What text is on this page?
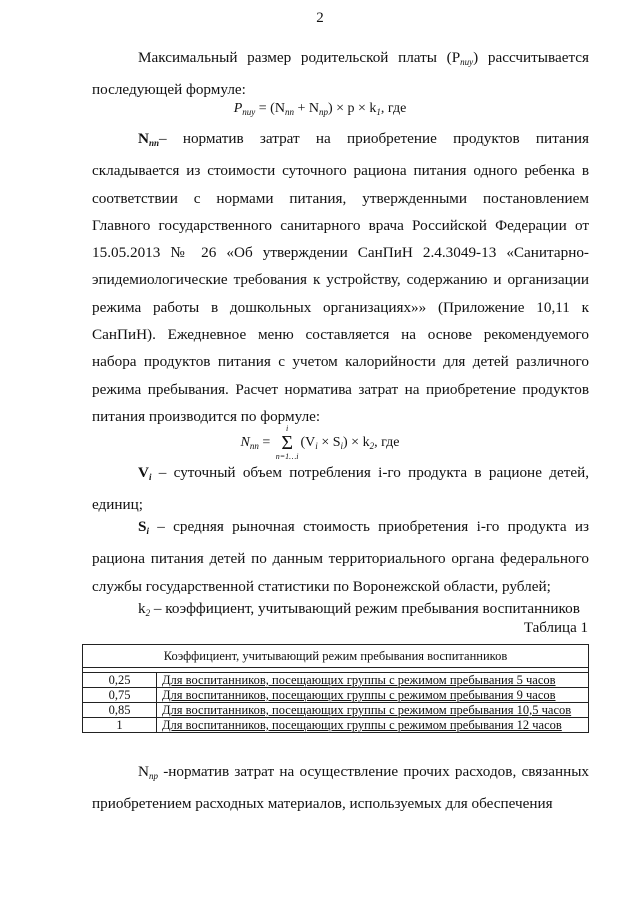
2
Максимальный размер родительской платы $(Р_{пиу})$ рассчитывается последующей формуле:
$P_{пиу} = (N_{пп} + N_{пр}) \times p \times k_1$, где
$N_{пп}-$ норматив затрат на приобретение продуктов питания складывается из стоимости суточного рациона питания одного ребенка в соответствии с нормами питания, утвержденными постановлением Главного государственного санитарного врача Российской Федерации от 15.05.2013 № 26 «Об утверждении СанПиН 2.4.3049-13 «Санитарно-эпидемиологические требования к устройству, содержанию и организации режима работы в дошкольных организациях»» (Приложение 10,11 к СанПиН). Ежедневное меню составляется на основе рекомендуемого набора продуктов питания с учетом калорийности для детей различного режима пребывания. Расчет норматива затрат на приобретение продуктов питания производится по формуле:
$N_{пп}$ =
i
Σ
n=1…i
$(V_i \times S_i) \times k_2$, где
$V_i$ – суточный объем потребления i-го продукта в рационе детей, единиц;
$S_i$ – средняя рыночная стоимость приобретения i-го продукта из рациона питания детей по данным территориального органа федерального службы государственной статистики по Воронежской области, рублей;
$k_2$ – коэффициент, учитывающий режим пребывания воспитанников
Таблица 1
Коэффициент, учитывающий режим пребывания воспитанников	

0,25	Для воспитанников, посещающих группы с режимом пребывания 5 часов
0,75	Для воспитанников, посещающих группы с режимом пребывания 9 часов
0,85	Для воспитанников, посещающих группы с режимом пребывания 10,5 часов
1	Для воспитанников, посещающих группы с режимом пребывания 12 часов
$N_{пр}$ -норматив затрат на осуществление прочих расходов, связанных приобретением расходных материалов, используемых для обеспечения
